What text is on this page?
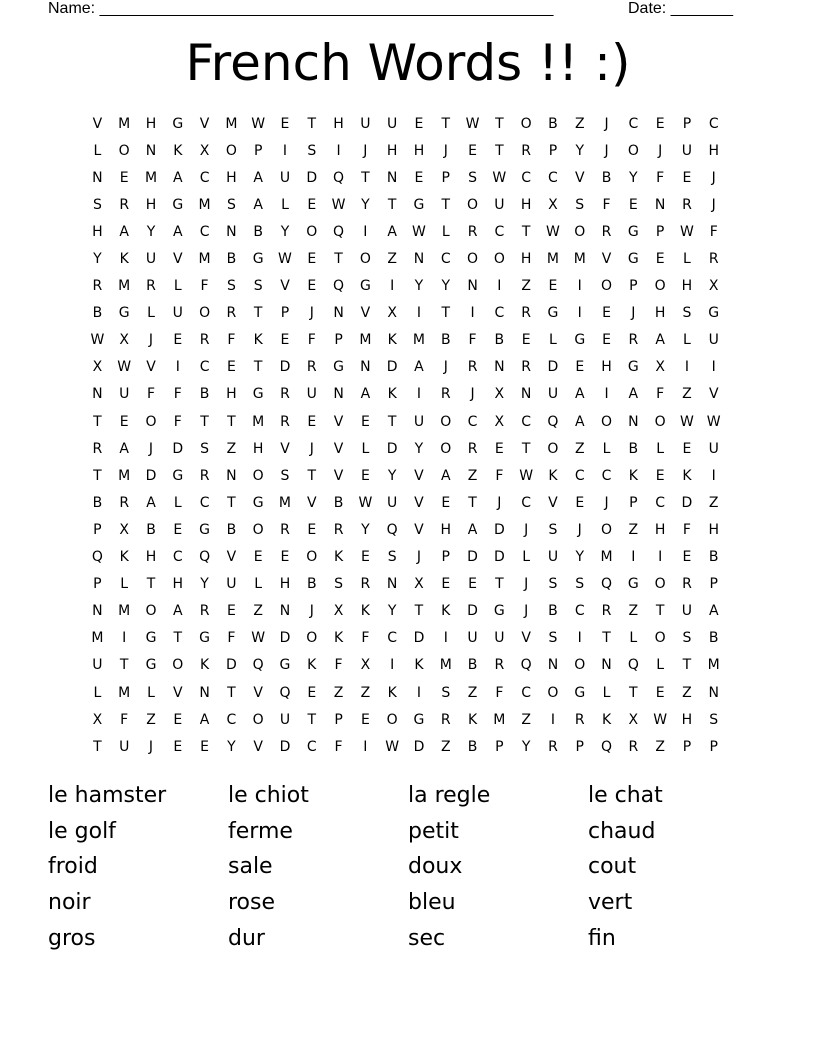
Name: ___________________________________________________	Date: _______
French Words !! :)
V	M	H	G	V	M W	E	T	H	U	U	E	T	W	T	O	B	Z	J	C	E	P	C
L	O	N	K	X	O	P	I	S	I	J	H	H	J	E	T	R	P	Y	J	O	J	U	H
N	E	M	A	C	H	A	U	D	Q	T	N	E	P	S	W	C	C	V	B	Y	F	E	J
S	R	H	G	M	S	A	L	E	W	Y	T	G	T	O	U	H	X	S	F	E	N	R	J
H	A	Y	A	C	N	B	Y	O	Q	I	A	W	L	R	C	T	W	O	R	G	P	W	F
Y	K	U	V	M	B	G	W	E	T	O	Z	N	C	O	O	H	M	M	V	G	E	L	R
R	M	R	L	F	S	S	V	E	Q	G	I	Y	Y	N	I	Z	E	I	O	P	O	H	X
B	G	L	U	O	R	T	P	J	N	V	X	I	T	I	C	R	G	I	E	J	H	S	G
W	X	J	E	R	F	K	E	F	P	M	K	M	B	F	B	E	L	G	E	R	A	L	U
X	W	V	I	C	E	T	D	R	G	N	D	A	J	R	N	R	D	E	H	G	X	I	I
N	U	F	F	B	H	G	R	U	N	A	K	I	R	J	X	N	U	A	I	A	F	Z	V
T	E	O	F	T	T	M	R	E	V	E	T	U	O	C	X	C	Q	A	O	N	O	W W
R	A	J	D	S	Z	H	V	J	V	L	D	Y	O	R	E	T	O	Z	L	B	L	E	U
T	M	D	G	R	N	O	S	T	V	E	Y	V	A	Z	F	W	K	C	C	K	E	K	I
B	R	A	L	C	T	G	M	V	B	W	U	V	E	T	J	C	V	E	J	P	C	D	Z
P	X	B	E	G	B	O	R	E	R	Y	Q	V	H	A	D	J	S	J	O	Z	H	F	H
Q	K	H	C	Q	V	E	E	O	K	E	S	J	P	D	D	L	U	Y	M	I	I	E	B
P	L	T	H	Y	U	L	H	B	S	R	N	X	E	E	T	J	S	S	Q	G	O	R	P
N	M	O	A	R	E	Z	N	J	X	K	Y	T	K	D	G	J	B	C	R	Z	T	U	A
M	I	G	T	G	F	W	D	O	K	F	C	D	I	U	U	V	S	I	T	L	O	S	B
U	T	G	O	K	D	Q	G	K	F	X	I	K	M	B	R	Q	N	O	N	Q	L	T	M
L	M	L	V	N	T	V	Q	E	Z	Z	K	I	S	Z	F	C	O	G	L	T	E	Z	N
X	F	Z	E	A	C	O	U	T	P	E	O	G	R	K	M	Z	I	R	K	X	W	H	S
T	U	J	E	E	Y	V	D	C	F	I	W	D	Z	B	P	Y	R	P	Q	R	Z	P	P
le hamster	le chiot	la regle	le chat
le golf	ferme	petit	chaud
froid	sale	doux	cout
noir	rose	bleu	vert
gros	dur	sec	fin
